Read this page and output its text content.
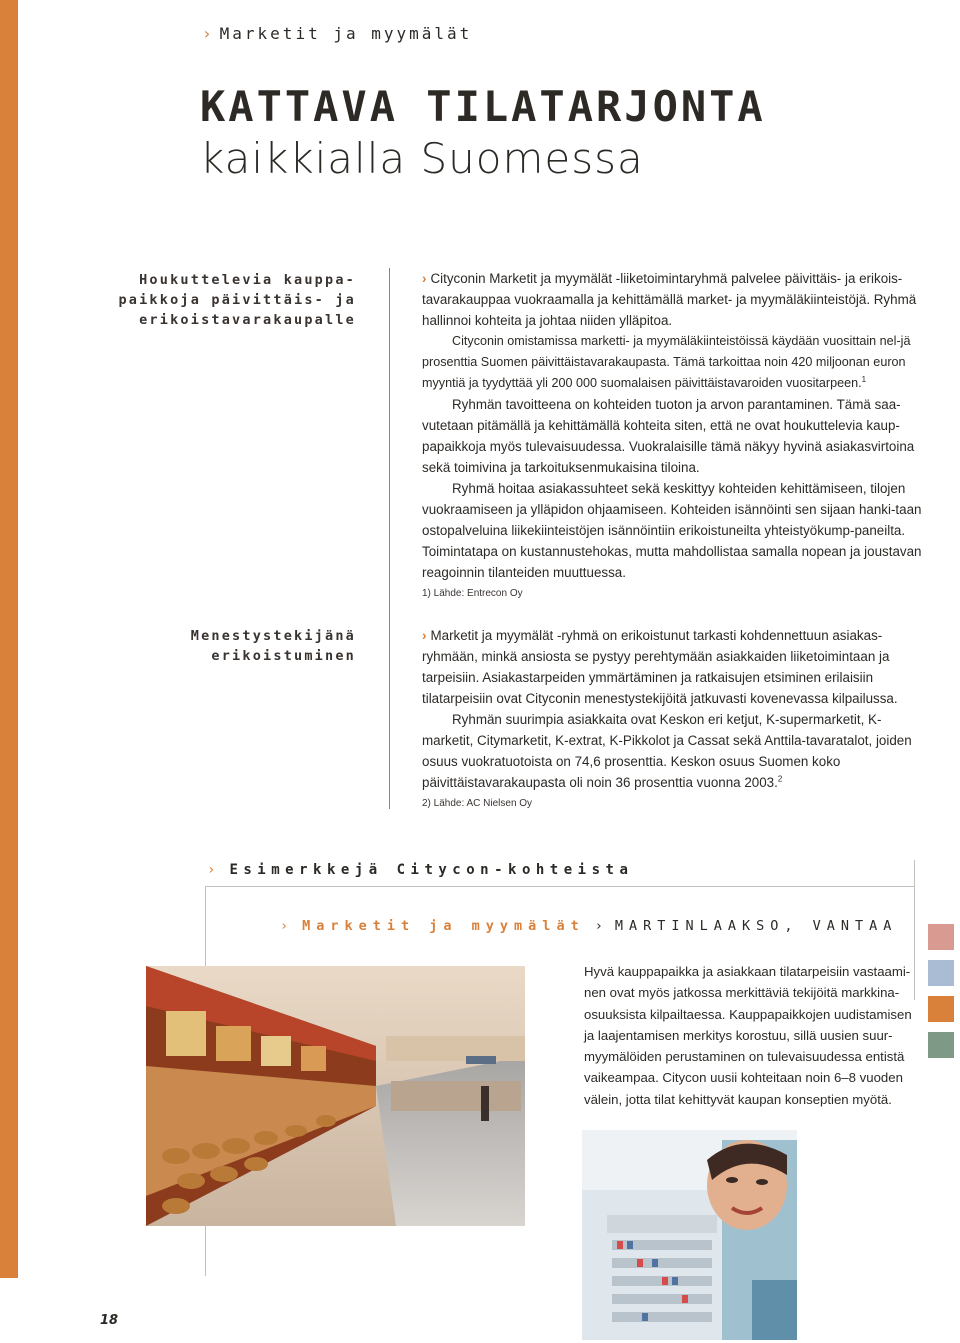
› Marketit ja myymälät
KATTAVA TILATARJONTA
kaikkialla Suomessa
Houkuttelevia kauppa-
paikkoja päivittäis- ja
erikoistavarakaupalle

› Cityconin Marketit ja myymälät -liiketoimintaryhmä palvelee päivittäis- ja erikois-tavarakauppaa vuokraamalla ja kehittämällä market- ja myymäläkiinteistöjä. Ryhmä hallinnoi kohteita ja johtaa niiden ylläpitoa.

Cityconin omistamissa marketti- ja myymäläkiinteistöissä käydään vuosittain nel-jä prosenttia Suomen päivittäistavarakaupasta. Tämä tarkoittaa noin 420 miljoonan euron myyntiä ja tyydyttää yli 200 000 suomalaisen päivittäistavaroiden vuositarpeen.$^1$

Ryhmän tavoitteena on kohteiden tuoton ja arvon parantaminen. Tämä saa-vutetaan pitämällä ja kehittämällä kohteita siten, että ne ovat houkuttelevia kaup-papaikkoja myös tulevaisuudessa. Vuokralaisille tämä näkyy hyvinä asiakasvirtoina sekä toimivina ja tarkoituksenmukaisina tiloina.

Ryhmä hoitaa asiakassuhteet sekä keskittyy kohteiden kehittämiseen, tilojen vuokraamiseen ja ylläpidon ohjaamiseen. Kohteiden isännöinti sen sijaan hanki-taan ostopalveluina liikekiinteistöjen isännöintiin erikoistuneilta yhteistyökump-paneilta. Toimintatapa on kustannustehokas, mutta mahdollistaa samalla nopean ja joustavan reagoinnin tilanteiden muuttuessa.

1) Lähde: Entrecon Oy

Menestystekijänä
erikoistuminen

› Marketit ja myymälät -ryhmä on erikoistunut tarkasti kohdennettuun asiakas-ryhmään, minkä ansiosta se pystyy perehtymään asiakkaiden liiketoimintaan ja tarpeisiin. Asiakastarpeiden ymmärtäminen ja ratkaisujen etsiminen erilaisiin tilatarpeisiin ovat Cityconin menestystekijöitä jatkuvasti kovenevassa kilpailussa.

Ryhmän suurimpia asiakkaita ovat Keskon eri ketjut, K-supermarketit, K-marketit, Citymarketit, K-extrat, K-Pikkolot ja Cassat sekä Anttila-tavaratalot, joiden osuus vuokratuotoista on 74,6 prosenttia. Keskon osuus Suomen koko päivittäistavarakaupasta oli noin 36 prosenttia vuonna 2003.$^2$

2) Lähde: AC Nielsen Oy

› Esimerkkejä Citycon-kohteista
› Marketit ja myymälät › MARTINLAAKSO, VANTAA
Hyvä kauppapaikka ja asiakkaan tilatarpeisiin vastaami-nen ovat myös jatkossa merkittäviä tekijöitä markkina-osuuksista kilpailtaessa. Kauppapaikkojen uudistamisen ja laajentamisen merkitys korostuu, sillä uusien suur-myymälöiden perustaminen on tulevaisuudessa entistä vaikeampaa. Citycon uusii kohteitaan noin 6–8 vuoden välein, jotta tilat kehittyvät kaupan konseptien myötä.
18
